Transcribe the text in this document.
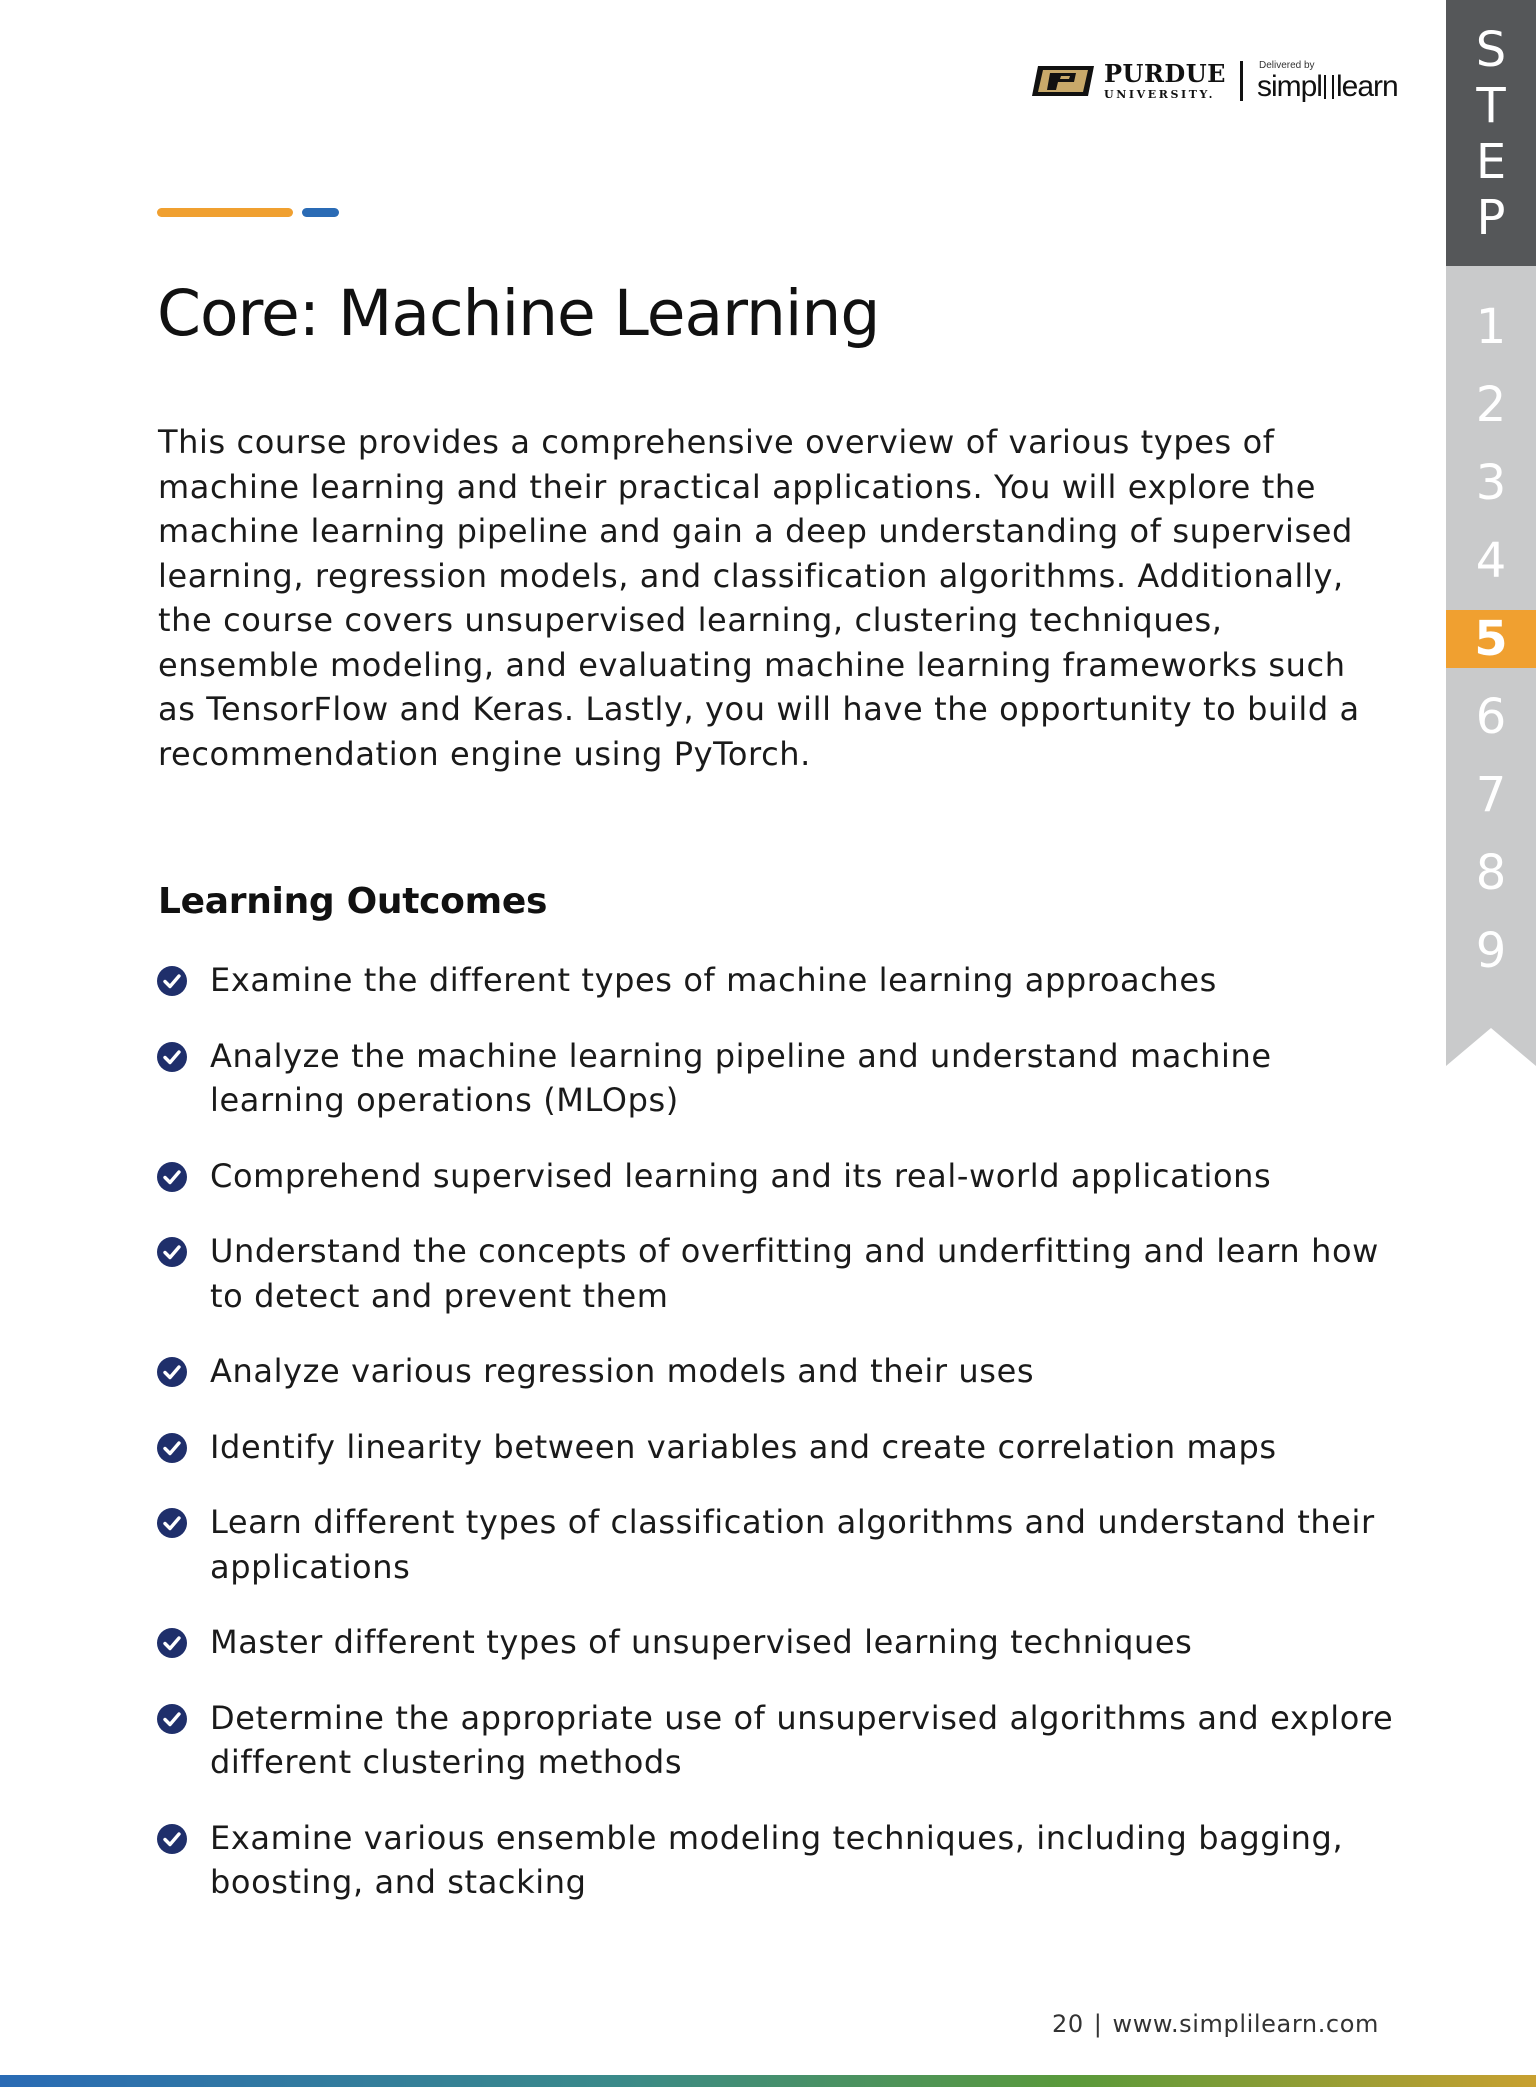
PURDUE
UNIVERSITY.
Delivered by
simpl learn
Core: Machine Learning

This course provides a comprehensive overview of various types of
machine learning and their practical applications. You will explore the
machine learning pipeline and gain a deep understanding of supervised
learning, regression models, and classification algorithms. Additionally,
the course covers unsupervised learning, clustering techniques,
ensemble modeling, and evaluating machine learning frameworks such
as TensorFlow and Keras. Lastly, you will have the opportunity to build a
recommendation engine using PyTorch.

Learning Outcomes
Examine the different types of machine learning approaches
Analyze the machine learning pipeline and understand machine
learning operations (MLOps)
Comprehend supervised learning and its real-world applications
Understand the concepts of overfitting and underfitting and learn how
to detect and prevent them
Analyze various regression models and their uses
Identify linearity between variables and create correlation maps
Learn different types of classification algorithms and understand their
applications
Master different types of unsupervised learning techniques
Determine the appropriate use of unsupervised algorithms and explore
different clustering methods
Examine various ensemble modeling techniques, including bagging,
boosting, and stacking
S
T
E
P
1
2
3
4
5
6
7
8
9
20 | www.simplilearn.com
